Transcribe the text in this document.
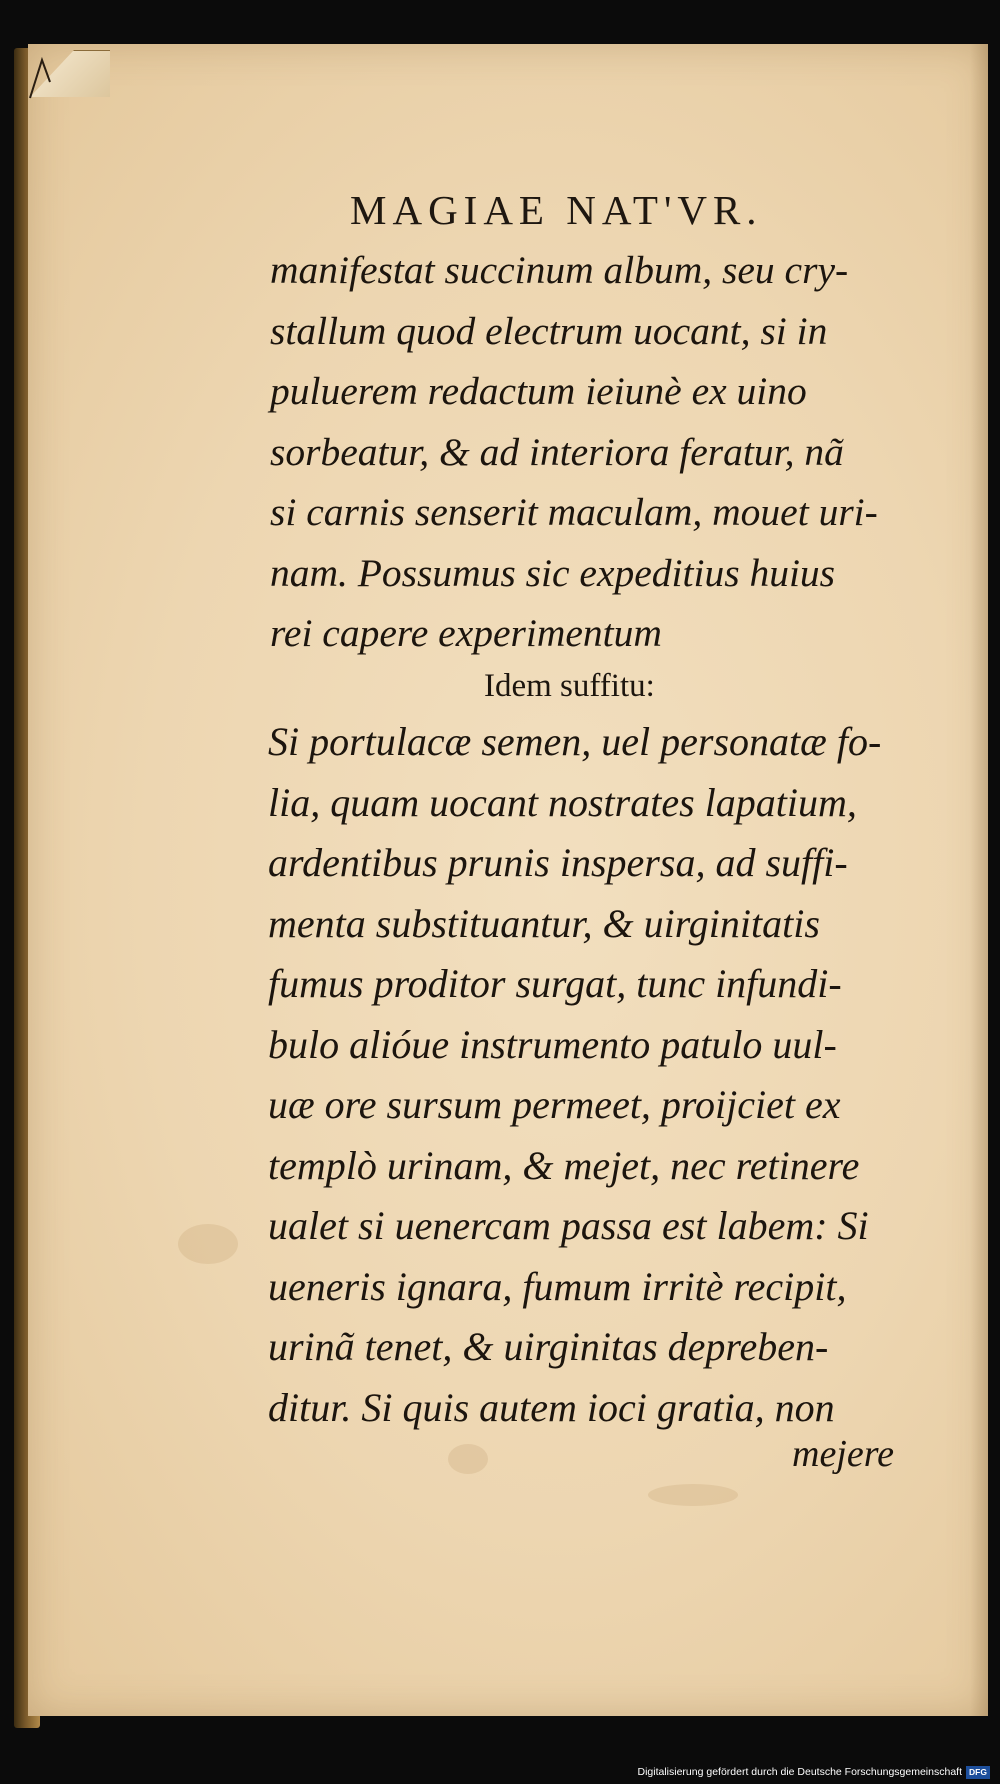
MAGIAE NAT'VR.
manifestat succinum album, seu cry-
stallum quod electrum uocant, si in
puluerem redactum ieiunè ex uino
sorbeatur, & ad interiora feratur, nã
si carnis senserit maculam, mouet uri-
nam. Possumus sic expeditius huius
rei capere experimentum
Idem suffitu:
Si portulacæ semen, uel personatæ fo-
lia, quam uocant nostrates lapatium,
ardentibus prunis inspersa, ad suffi-
menta substituantur, & uirginitatis
fumus proditor surgat, tunc infundi-
bulo alióue instrumento patulo uul-
uæ ore sursum permeet, proijciet ex
templò urinam, & mejet, nec retinere
ualet si uenercam passa est labem: Si
ueneris ignara, fumum irritè recipit,
urinã tenet, & uirginitas depreben-
ditur. Si quis autem ioci gratia, non
mejere
Digitalisierung gefördert durch die Deutsche Forschungsgemeinschaft DFG
